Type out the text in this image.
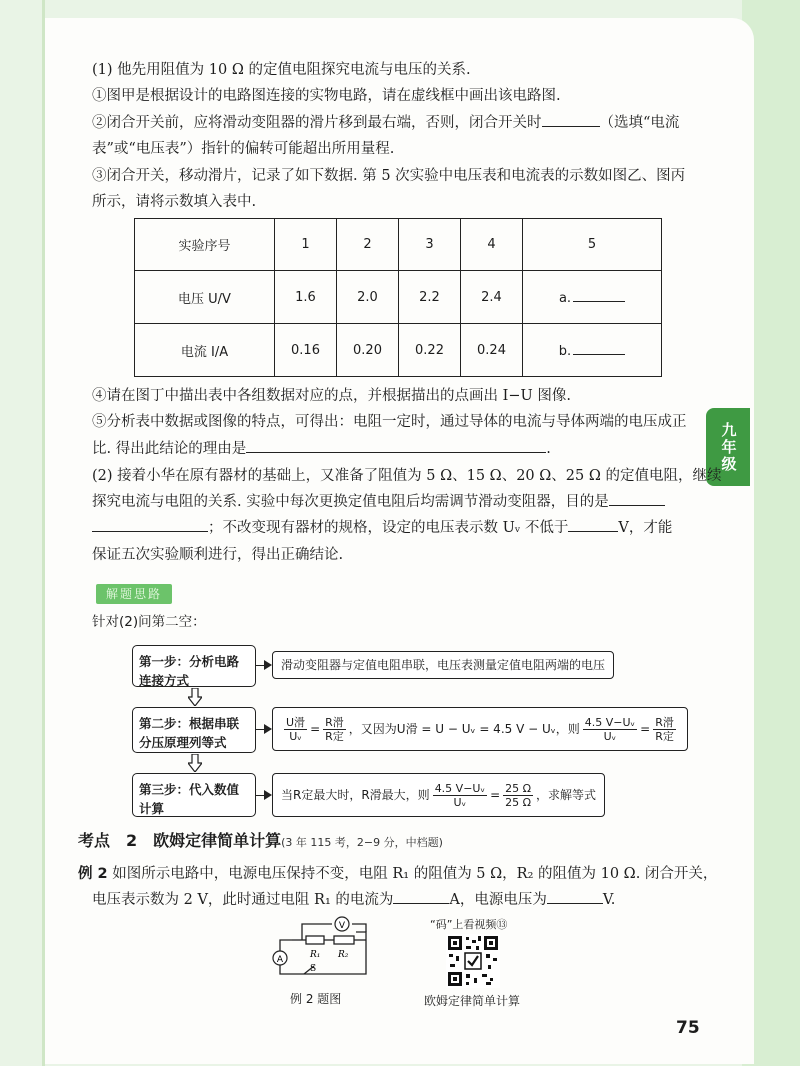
九年级
(1) 他先用阻值为 10 Ω 的定值电阻探究电流与电压的关系.
①图甲是根据设计的电路图连接的实物电路，请在虚线框中画出该电路图.
②闭合开关前，应将滑动变阻器的滑片移到最右端，否则，闭合开关时	（选填“电流
表”或“电压表”）指针的偏转可能超出所用量程.
③闭合开关，移动滑片，记录了如下数据. 第 5 次实验中电压表和电流表的示数如图乙、图丙
所示，请将示数填入表中.
实验序号	1	2	3	4	5
电压 U/V	1.6	2.0	2.2	2.4	a.
电流 I/A	0.16	0.20	0.22	0.24	b.
④请在图丁中描出表中各组数据对应的点，并根据描出的点画出 I−U 图像.
⑤分析表中数据或图像的特点，可得出：电阻一定时，通过导体的电流与导体两端的电压成正
比. 得出此结论的理由是	.
(2) 接着小华在原有器材的基础上，又准备了阻值为 5 Ω、15 Ω、20 Ω、25 Ω 的定值电阻，继续
探究电流与电阻的关系. 实验中每次更换定值电阻后均需调节滑动变阻器，目的是
；不改变现有器材的规格，设定的电压表示数 Uᵥ 不低于	V，才能
保证五次实验顺利进行，得出正确结论.
解题思路
针对(2)问第二空：
第一步：分析电路连接方式
滑动变阻器与定值电阻串联，电压表测量定值电阻两端的电压
第二步：根据串联分压原理列等式	$\frac{\text{U滑}}{\text{Uᵥ}} = \frac{\text{R滑}}{\text{R定}}$ ，又因为U滑 = U − Uᵥ = 4.5 V − Uᵥ，则 $\frac{\text{4.5 V−Uᵥ}}{\text{Uᵥ}} = \frac{\text{R滑}}{\text{R定}}$
第三步：代入数值计算
当R定最大时，R滑最大，则 $\frac{\text{4.5 V−Uᵥ}}{\text{Uᵥ}} = \frac{25 \Omega}{25 \Omega}$ ，求解等式
考点　2　欧姆定律简单计算(3 年 115 考，2−9 分，中档题)
例 2 如图所示电路中，电源电压保持不变，电阻 R₁ 的阻值为 5 Ω，R₂ 的阻值为 10 Ω. 闭合开关，
电压表示数为 2 V，此时通过电阻 R₁ 的电流为	A，电源电压为	V.
A
V
R₁
S
R₂
例 2 题图
“码”上看视频⑬
欧姆定律简单计算
75
